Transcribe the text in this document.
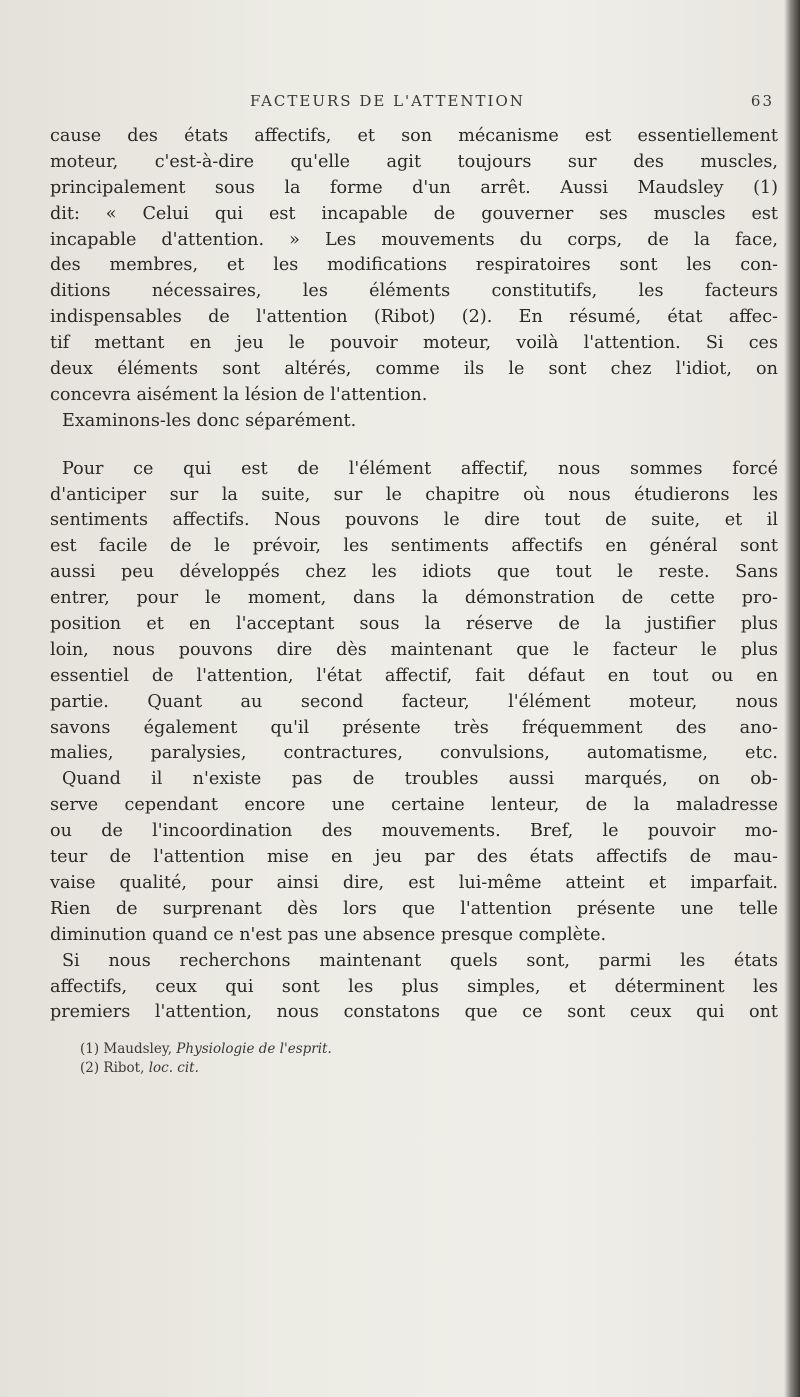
FACTEURS DE L'ATTENTION	63
cause des états affectifs, et son mécanisme est essentiellement
moteur, c'est-à-dire qu'elle agit toujours sur des muscles,
principalement sous la forme d'un arrêt. Aussi Maudsley (1)
dit: « Celui qui est incapable de gouverner ses muscles est
incapable d'attention. » Les mouvements du corps, de la face,
des membres, et les modifications respiratoires sont les con-
ditions nécessaires, les éléments constitutifs, les facteurs
indispensables de l'attention (Ribot) (2). En résumé, état affec-
tif mettant en jeu le pouvoir moteur, voilà l'attention. Si ces
deux éléments sont altérés, comme ils le sont chez l'idiot, on
concevra aisément la lésion de l'attention.
Examinons-les donc séparément.
Pour ce qui est de l'élément affectif, nous sommes forcé
d'anticiper sur la suite, sur le chapitre où nous étudierons les
sentiments affectifs. Nous pouvons le dire tout de suite, et il
est facile de le prévoir, les sentiments affectifs en général sont
aussi peu développés chez les idiots que tout le reste. Sans
entrer, pour le moment, dans la démonstration de cette pro-
position et en l'acceptant sous la réserve de la justifier plus
loin, nous pouvons dire dès maintenant que le facteur le plus
essentiel de l'attention, l'état affectif, fait défaut en tout ou en
partie. Quant au second facteur, l'élément moteur, nous
savons également qu'il présente très fréquemment des ano-
malies, paralysies, contractures, convulsions, automatisme, etc.
Quand il n'existe pas de troubles aussi marqués, on ob-
serve cependant encore une certaine lenteur, de la maladresse
ou de l'incoordination des mouvements. Bref, le pouvoir mo-
teur de l'attention mise en jeu par des états affectifs de mau-
vaise qualité, pour ainsi dire, est lui-même atteint et imparfait.
Rien de surprenant dès lors que l'attention présente une telle
diminution quand ce n'est pas une absence presque complète.
Si nous recherchons maintenant quels sont, parmi les états
affectifs, ceux qui sont les plus simples, et déterminent les
premiers l'attention, nous constatons que ce sont ceux qui ont
(1) Maudsley, Physiologie de l'esprit.
(2) Ribot, loc. cit.
